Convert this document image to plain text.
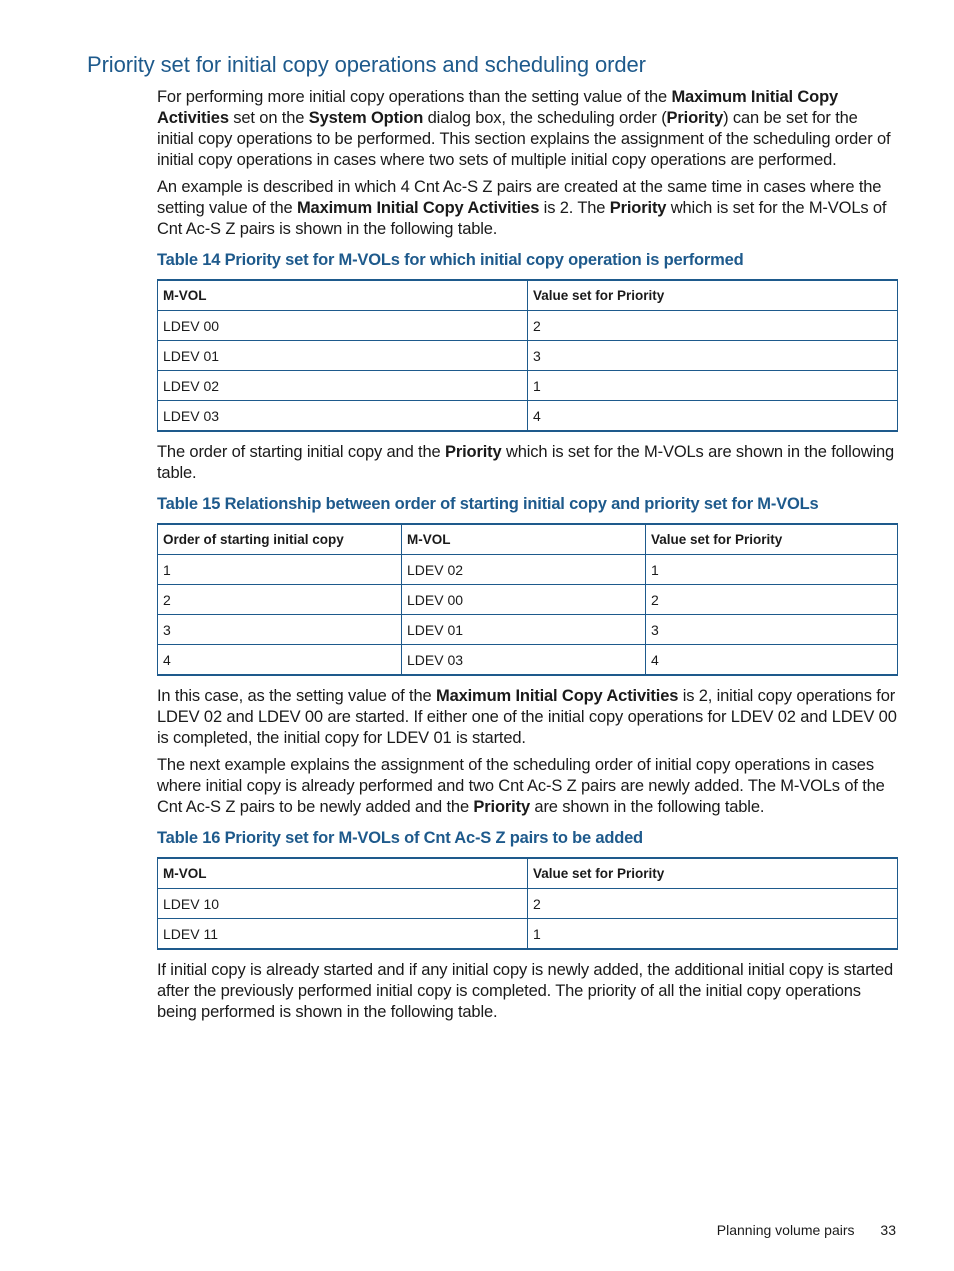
Priority set for initial copy operations and scheduling order

For performing more initial copy operations than the setting value of the Maximum Initial Copy Activities set on the System Option dialog box, the scheduling order (Priority) can be set for the initial copy operations to be performed. This section explains the assignment of the scheduling order of initial copy operations in cases where two sets of multiple initial copy operations are performed.

An example is described in which 4 Cnt Ac-S Z pairs are created at the same time in cases where the setting value of the Maximum Initial Copy Activities is 2. The Priority which is set for the M-VOLs of Cnt Ac-S Z pairs is shown in the following table.

Table 14 Priority set for M-VOLs for which initial copy operation is performed
M-VOL	Value set for Priority
LDEV 00	2
LDEV 01	3
LDEV 02	1
LDEV 03	4

The order of starting initial copy and the Priority which is set for the M-VOLs are shown in the following table.

Table 15 Relationship between order of starting initial copy and priority set for M-VOLs
Order of starting initial copy	M-VOL	Value set for Priority
1	LDEV 02	1
2	LDEV 00	2
3	LDEV 01	3
4	LDEV 03	4

In this case, as the setting value of the Maximum Initial Copy Activities is 2, initial copy operations for LDEV 02 and LDEV 00 are started. If either one of the initial copy operations for LDEV 02 and LDEV 00 is completed, the initial copy for LDEV 01 is started.

The next example explains the assignment of the scheduling order of initial copy operations in cases where initial copy is already performed and two Cnt Ac-S Z pairs are newly added. The M-VOLs of the Cnt Ac-S Z pairs to be newly added and the Priority are shown in the following table.

Table 16 Priority set for M-VOLs of Cnt Ac-S Z pairs to be added
M-VOL	Value set for Priority
LDEV 10	2
LDEV 11	1

If initial copy is already started and if any initial copy is newly added, the additional initial copy is started after the previously performed initial copy is completed. The priority of all the initial copy operations being performed is shown in the following table.

Planning volume pairs 33
